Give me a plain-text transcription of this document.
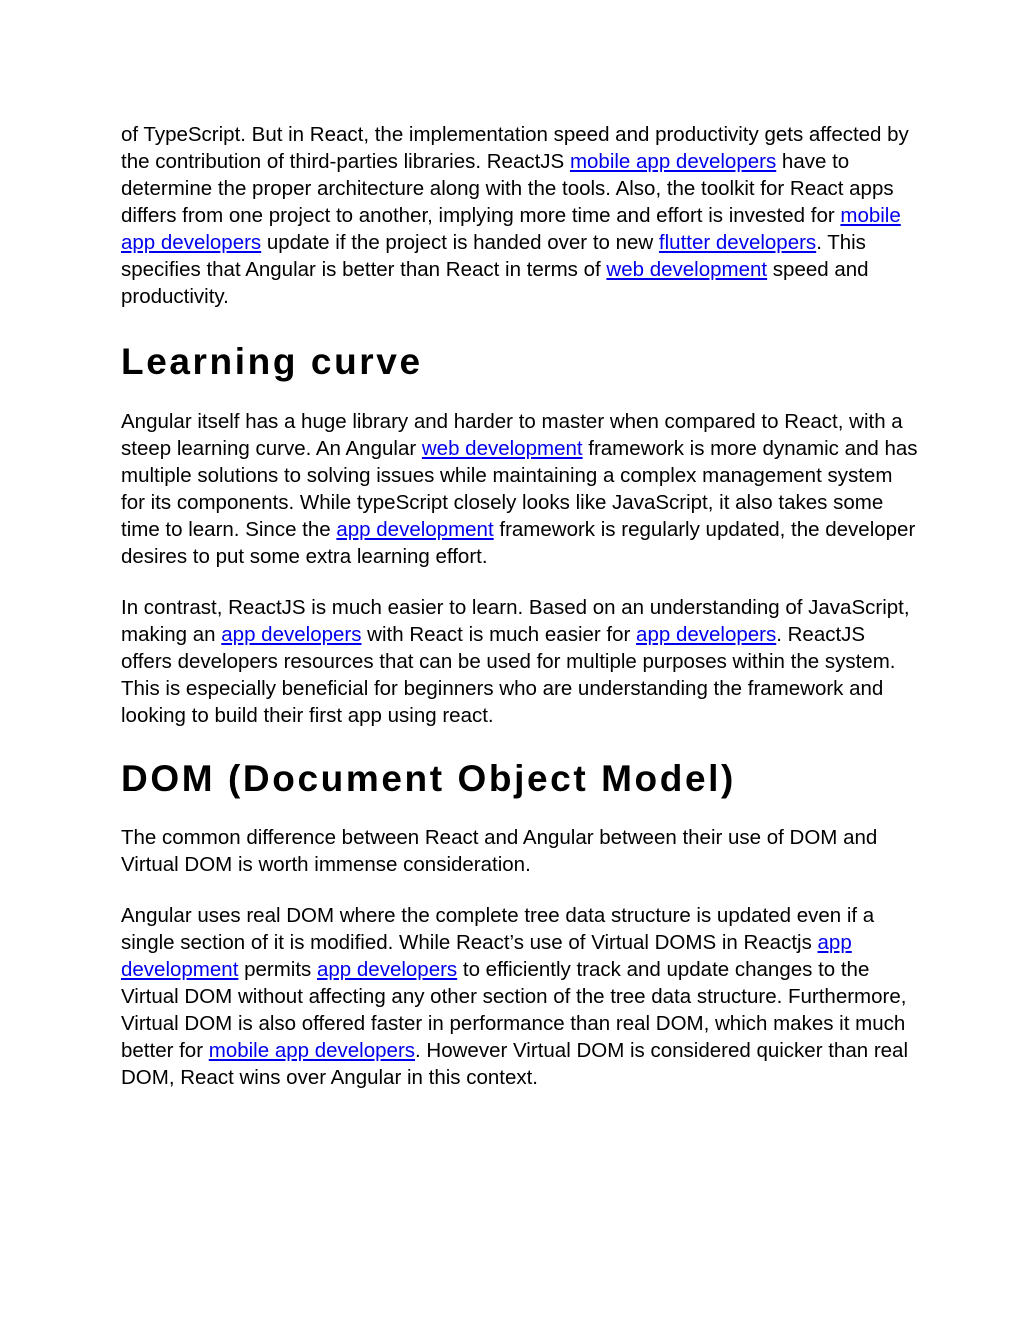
of TypeScript. But in React, the implementation speed and productivity gets affected by the contribution of third-parties libraries. ReactJS mobile app developers have to determine the proper architecture along with the tools. Also, the toolkit for React apps differs from one project to another, implying more time and effort is invested for mobile app developers update if the project is handed over to new flutter developers. This specifies that Angular is better than React in terms of web development speed and productivity.

Learning curve

Angular itself has a huge library and harder to master when compared to React, with a steep learning curve. An Angular web development framework is more dynamic and has multiple solutions to solving issues while maintaining a complex management system for its components. While typeScript closely looks like JavaScript, it also takes some time to learn. Since the app development framework is regularly updated, the developer desires to put some extra learning effort.

In contrast, ReactJS is much easier to learn. Based on an understanding of JavaScript, making an app developers with React is much easier for app developers. ReactJS offers developers resources that can be used for multiple purposes within the system. This is especially beneficial for beginners who are understanding the framework and looking to build their first app using react.

DOM (Document Object Model)

The common difference between React and Angular between their use of DOM and Virtual DOM is worth immense consideration.

Angular uses real DOM where the complete tree data structure is updated even if a single section of it is modified. While React’s use of Virtual DOMS in Reactjs app development permits app developers to efficiently track and update changes to the Virtual DOM without affecting any other section of the tree data structure. Furthermore, Virtual DOM is also offered faster in performance than real DOM, which makes it much better for mobile app developers. However Virtual DOM is considered quicker than real DOM, React wins over Angular in this context.
